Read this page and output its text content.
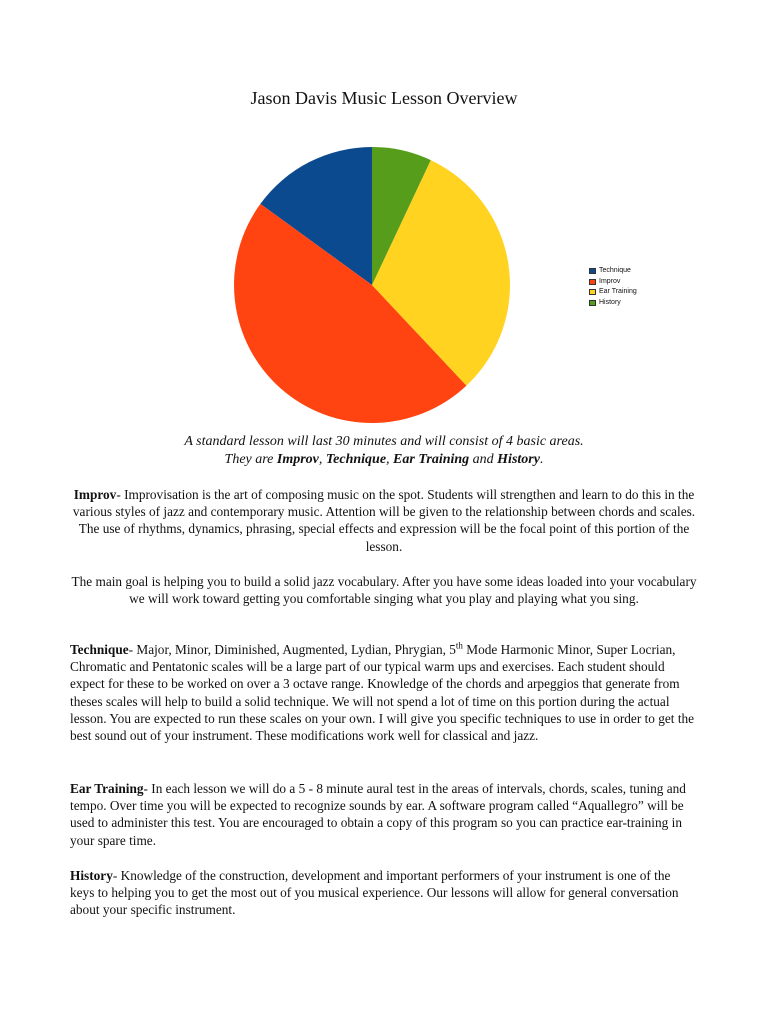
Jason Davis Music Lesson Overview
Technique
Improv
Ear Training
History
A standard lesson will last 30 minutes and will consist of 4 basic areas.
They are Improv, Technique, Ear Training and History.
Improv- Improvisation is the art of composing music on the spot. Students will strengthen and learn to do this in the various styles of jazz and contemporary music. Attention will be given to the relationship between chords and scales. The use of rhythms, dynamics, phrasing, special effects and expression will be the focal point of this portion of the lesson.
The main goal is helping you to build a solid jazz vocabulary. After you have some ideas loaded into your vocabulary we will work toward getting you comfortable singing what you play and playing what you sing.
Technique- Major, Minor, Diminished, Augmented, Lydian, Phrygian, 5th Mode Harmonic Minor, Super Locrian, Chromatic and Pentatonic scales will be a large part of our typical warm ups and exercises. Each student should expect for these to be worked on over a 3 octave range. Knowledge of the chords and arpeggios that generate from theses scales will help to build a solid technique. We will not spend a lot of time on this portion during the actual lesson. You are expected to run these scales on your own. I will give you specific techniques to use in order to get the best sound out of your instrument. These modifications work well for classical and jazz.
Ear Training- In each lesson we will do a 5 - 8 minute aural test in the areas of intervals, chords, scales, tuning and tempo. Over time you will be expected to recognize sounds by ear. A software program called “Aquallegro” will be used to administer this test. You are encouraged to obtain a copy of this program so you can practice ear-training in your spare time.
History- Knowledge of the construction, development and important performers of your instrument is one of the keys to helping you to get the most out of you musical experience. Our lessons will allow for general conversation about your specific instrument.
